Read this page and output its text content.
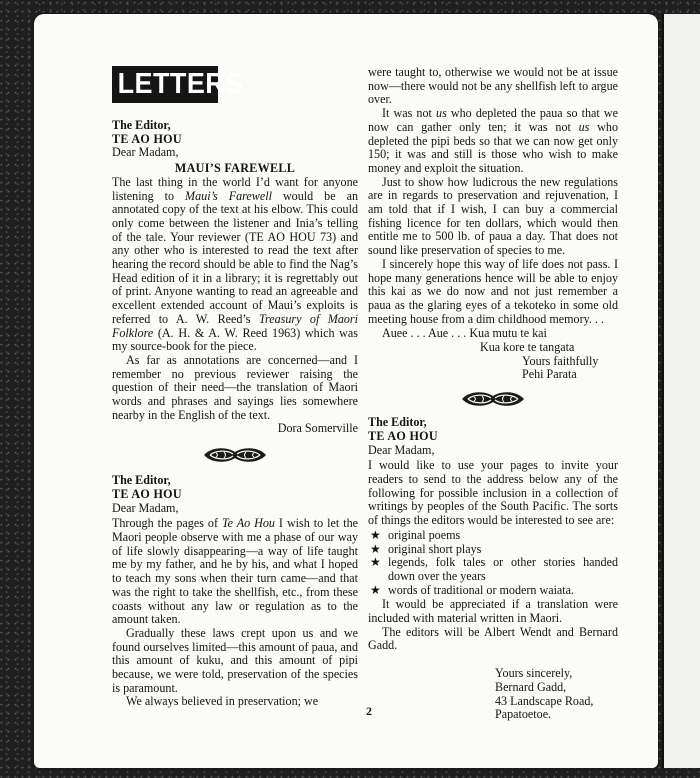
LETTERS

The Editor,

TE AO HOU

Dear Madam,

MAUI’S FAREWELL

The last thing in the world I’d want for anyone listening to Maui’s Farewell would be an annotated copy of the text at his elbow. This could only come between the listener and Inia’s telling of the tale. Your reviewer (TE AO HOU 73) and any other who is interested to read the text after hearing the record should be able to find the Nag’s Head edition of it in a library; it is regrettably out of print. Anyone wanting to read an agreeable and excellent extended account of Maui’s exploits is referred to A. W. Reed’s Treasury of Maori Folklore (A. H. & A. W. Reed 1963) which was my source-book for the piece.

As far as annotations are concerned—and I remember no previous reviewer raising the question of their need—the translation of Maori words and phrases and sayings lies somewhere nearby in the English of the text.

Dora Somerville

The Editor,

TE AO HOU

Dear Madam,

Through the pages of Te Ao Hou I wish to let the Maori people observe with me a phase of our way of life slowly disappearing—a way of life taught me by my father, and he by his, and what I hoped to teach my sons when their turn came—and that was the right to take the shellfish, etc., from these coasts without any law or regulation as to the amount taken.

Gradually these laws crept upon us and we found ourselves limited—this amount of paua, and this amount of kuku, and this amount of pipi because, we were told, preservation of the species is paramount.

We always believed in preservation; we

were taught to, otherwise we would not be at issue now—there would not be any shellfish left to argue over.

It was not us who depleted the paua so that we now can gather only ten; it was not us who depleted the pipi beds so that we can now get only 150; it was and still is those who wish to make money and exploit the situation.

Just to show how ludicrous the new regulations are in regards to preservation and rejuvenation, I am told that if I wish, I can buy a commercial fishing licence for ten dollars, which would then entitle me to 500 lb. of paua a day. That does not sound like preservation of species to me.

I sincerely hope this way of life does not pass. I hope many generations hence will be able to enjoy this kai as we do now and not just remember a paua as the glaring eyes of a tekoteko in some old meeting house from a dim childhood memory. . .

Auee . . . Aue . . . Kua mutu te kai
Kua kore te tangata
Yours faithfully
Pehi Parata

The Editor,

TE AO HOU

Dear Madam,

I would like to use your pages to invite your readers to send to the address below any of the following for possible inclusion in a collection of writings by peoples of the South Pacific. The sorts of things the editors would be interested to see are:

★ original poems
★ original short plays
★ legends, folk tales or other stories handed down over the years
★ words of traditional or modern waiata.

It would be appreciated if a translation were included with material written in Maori.

The editors will be Albert Wendt and Bernard Gadd.

Yours sincerely,
Bernard Gadd,
43 Landscape Road,
Papatoetoe.
2
